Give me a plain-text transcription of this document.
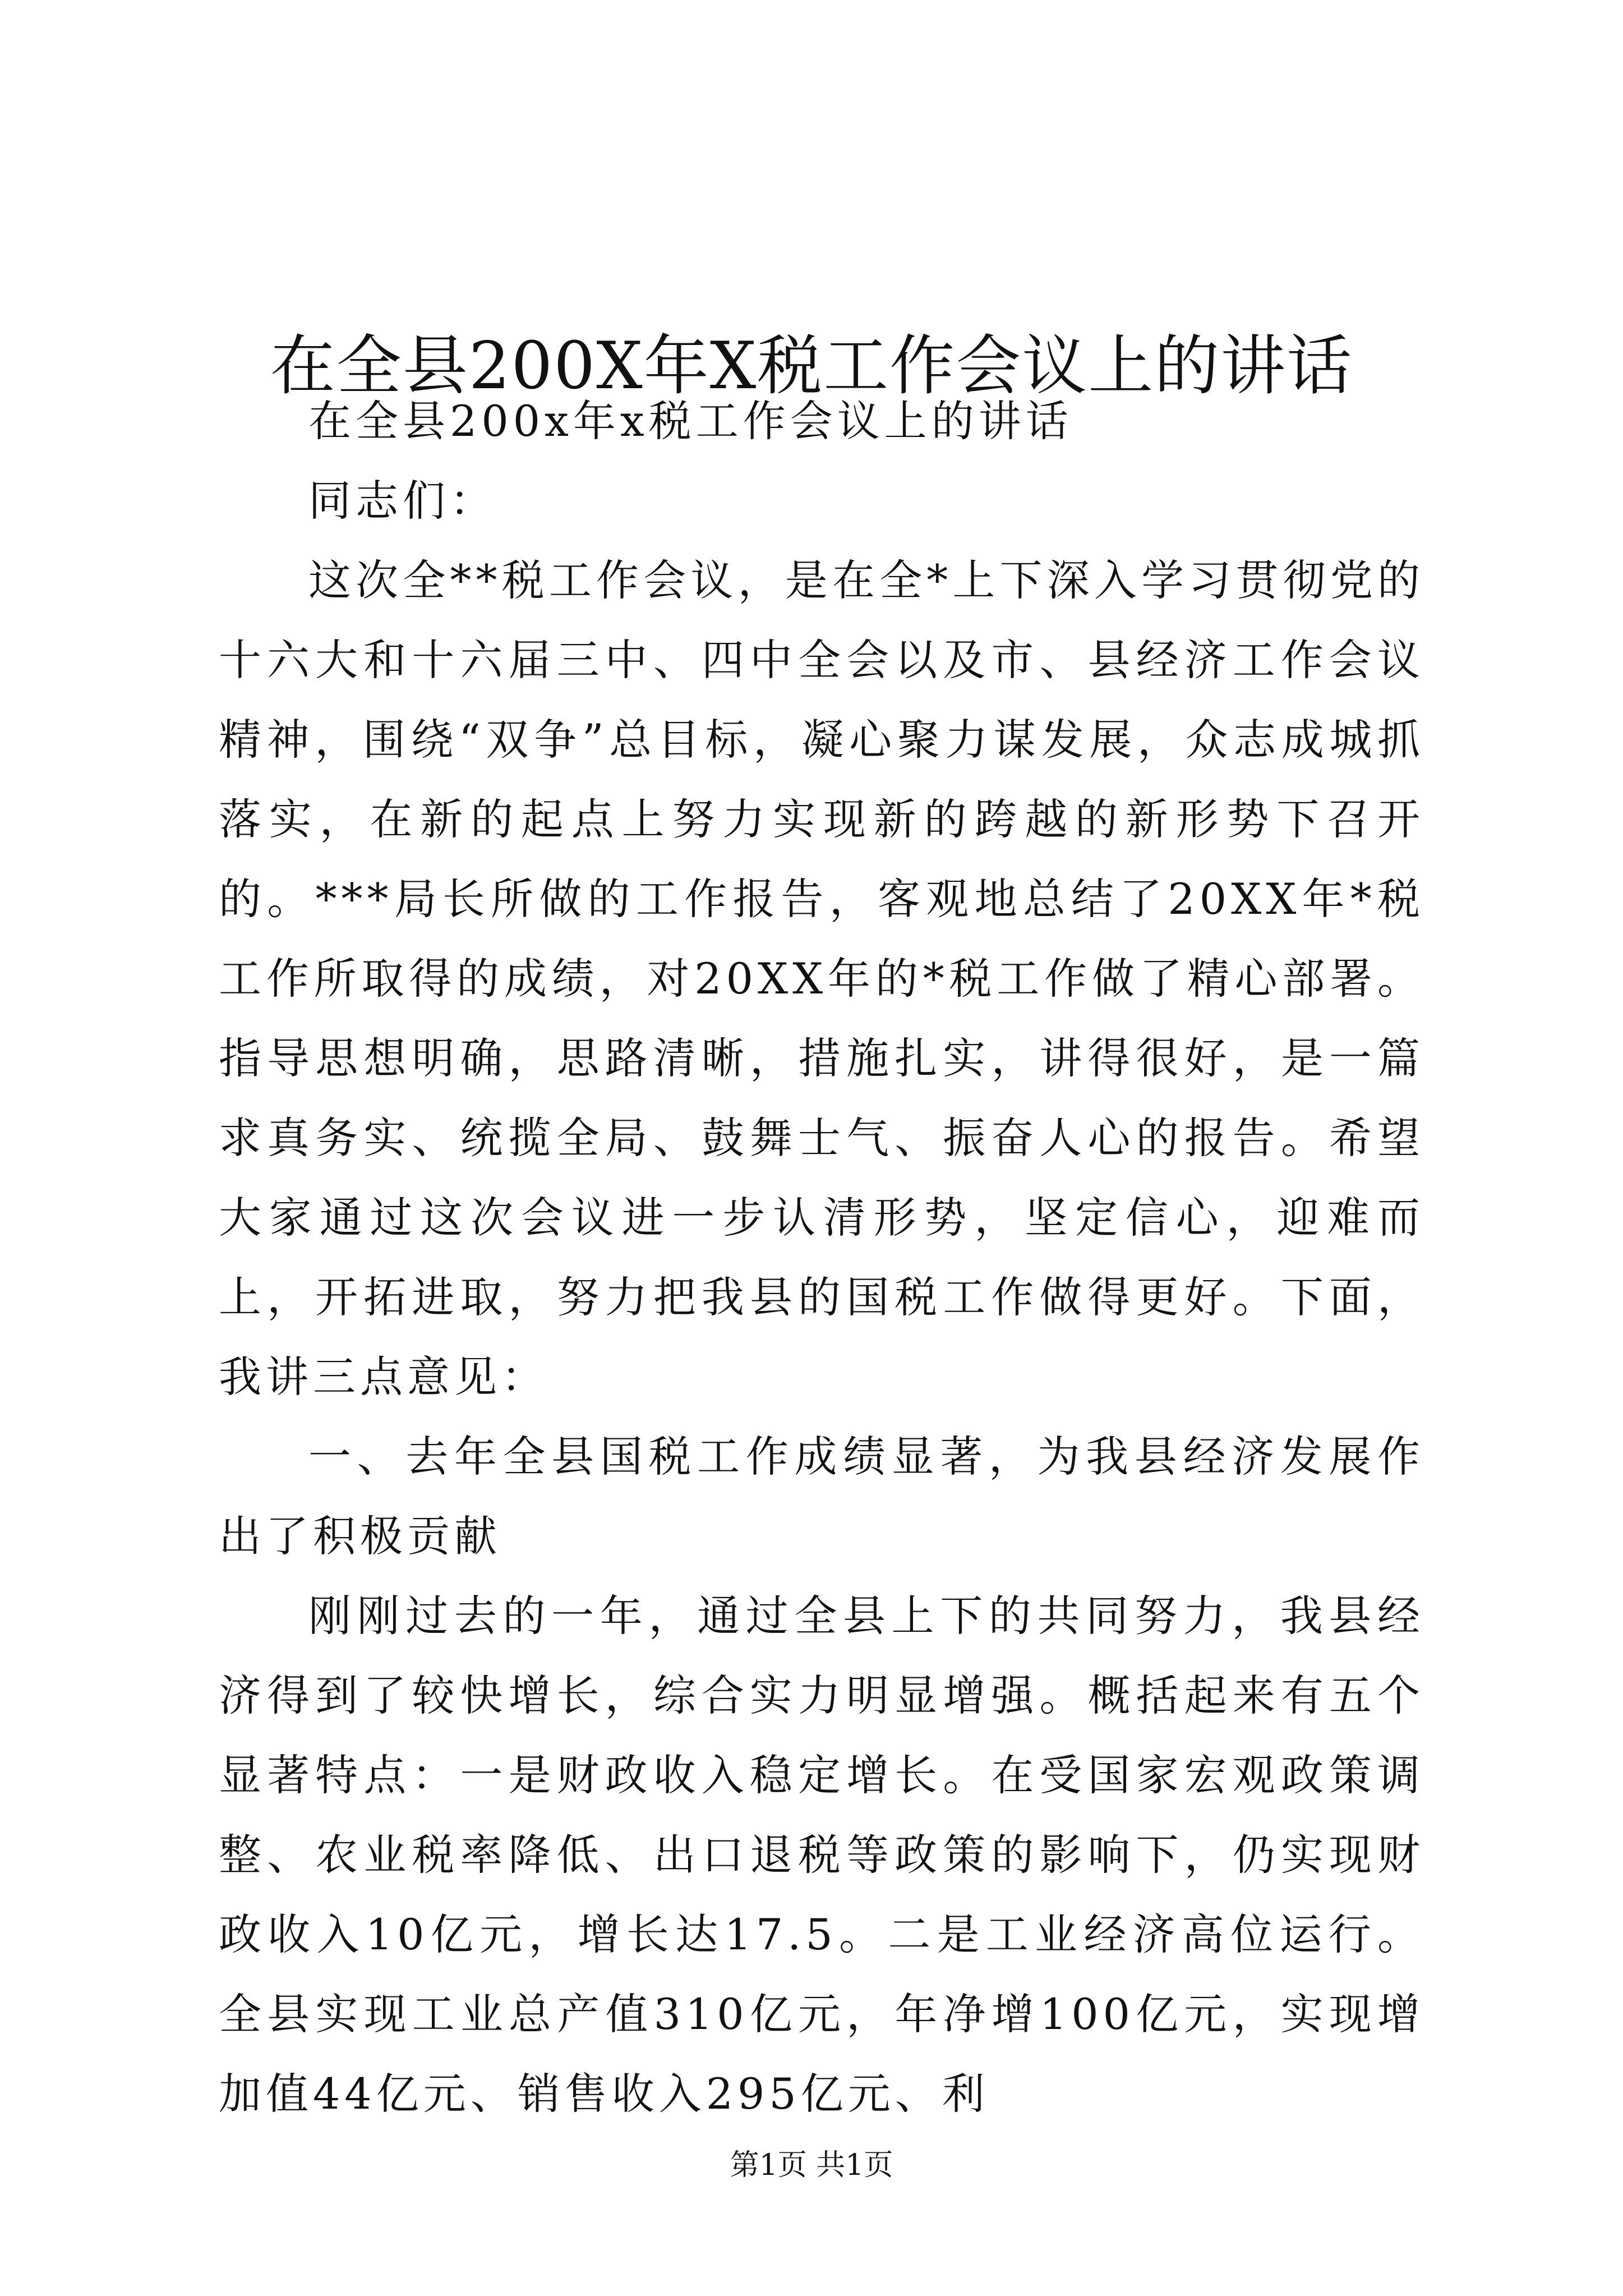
在全县200X年X税工作会议上的讲话

在全县200x年x税工作会议上的讲话

同志们：

这次全**税工作会议，是在全*上下深入学习贯彻党的十六大和十六届三中、四中全会以及市、县经济工作会议精神，围绕“双争”总目标，凝心聚力谋发展，众志成城抓落实，在新的起点上努力实现新的跨越的新形势下召开的。***局长所做的工作报告，客观地总结了20XX年*税工作所取得的成绩，对20XX年的*税工作做了精心部署。指导思想明确，思路清晰，措施扎实，讲得很好，是一篇求真务实、统揽全局、鼓舞士气、振奋人心的报告。希望大家通过这次会议进一步认清形势，坚定信心，迎难而上，开拓进取，努力把我县的国税工作做得更好。下面，我讲三点意见：

一、去年全县国税工作成绩显著，为我县经济发展作出了积极贡献

刚刚过去的一年，通过全县上下的共同努力，我县经济得到了较快增长，综合实力明显增强。概括起来有五个显著特点：一是财政收入稳定增长。在受国家宏观政策调整、农业税率降低、出口退税等政策的影响下，仍实现财政收入10亿元，增长达17.5。二是工业经济高位运行。全县实现工业总产值310亿元，年净增100亿元，实现增加值44亿元、销售收入295亿元、利

第1页 共1页
